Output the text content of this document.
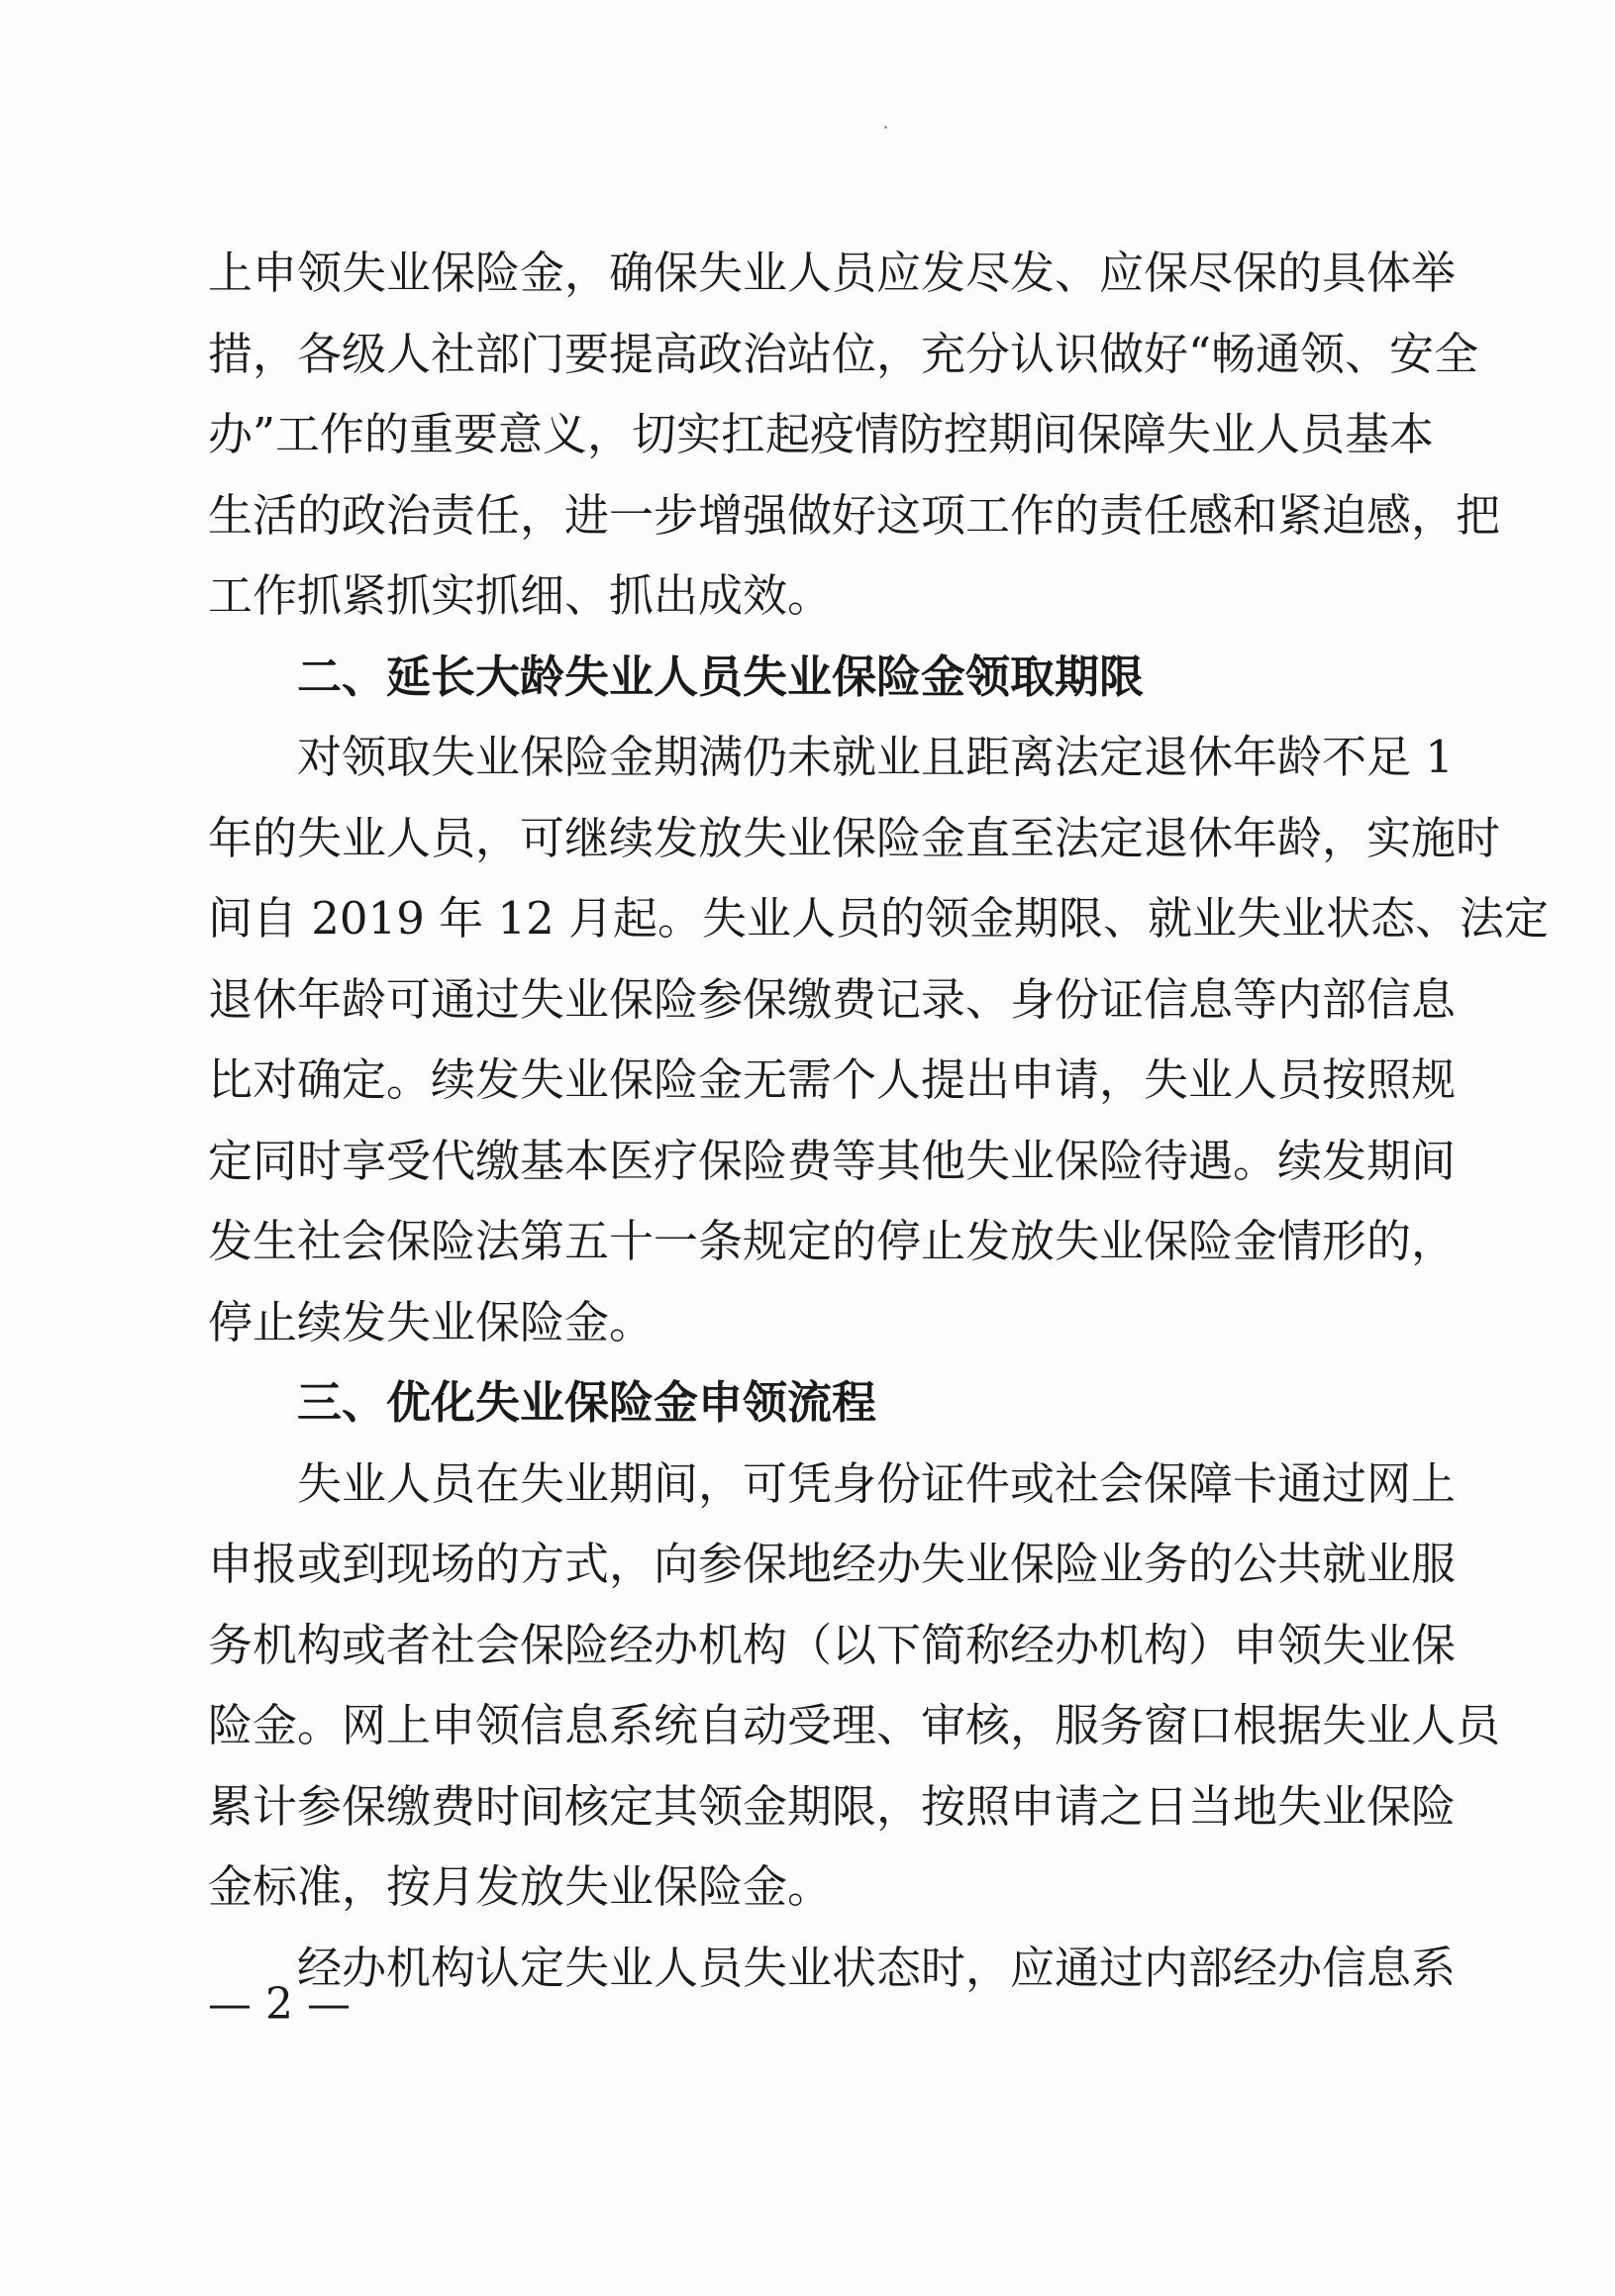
上申领失业保险金，确保失业人员应发尽发、应保尽保的具体举
措，各级人社部门要提高政治站位，充分认识做好“畅通领、安全
办”工作的重要意义，切实扛起疫情防控期间保障失业人员基本
生活的政治责任，进一步增强做好这项工作的责任感和紧迫感，把
工作抓紧抓实抓细、抓出成效。
二、延长大龄失业人员失业保险金领取期限
对领取失业保险金期满仍未就业且距离法定退休年龄不足 1
年的失业人员，可继续发放失业保险金直至法定退休年龄，实施时
间自 2019 年 12 月起。失业人员的领金期限、就业失业状态、法定
退休年龄可通过失业保险参保缴费记录、身份证信息等内部信息
比对确定。续发失业保险金无需个人提出申请，失业人员按照规
定同时享受代缴基本医疗保险费等其他失业保险待遇。续发期间
发生社会保险法第五十一条规定的停止发放失业保险金情形的，
停止续发失业保险金。
三、优化失业保险金申领流程
失业人员在失业期间，可凭身份证件或社会保障卡通过网上
申报或到现场的方式，向参保地经办失业保险业务的公共就业服
务机构或者社会保险经办机构（以下简称经办机构）申领失业保
险金。网上申领信息系统自动受理、审核，服务窗口根据失业人员
累计参保缴费时间核定其领金期限，按照申请之日当地失业保险
金标准，按月发放失业保险金。
经办机构认定失业人员失业状态时，应通过内部经办信息系
— 2 —
